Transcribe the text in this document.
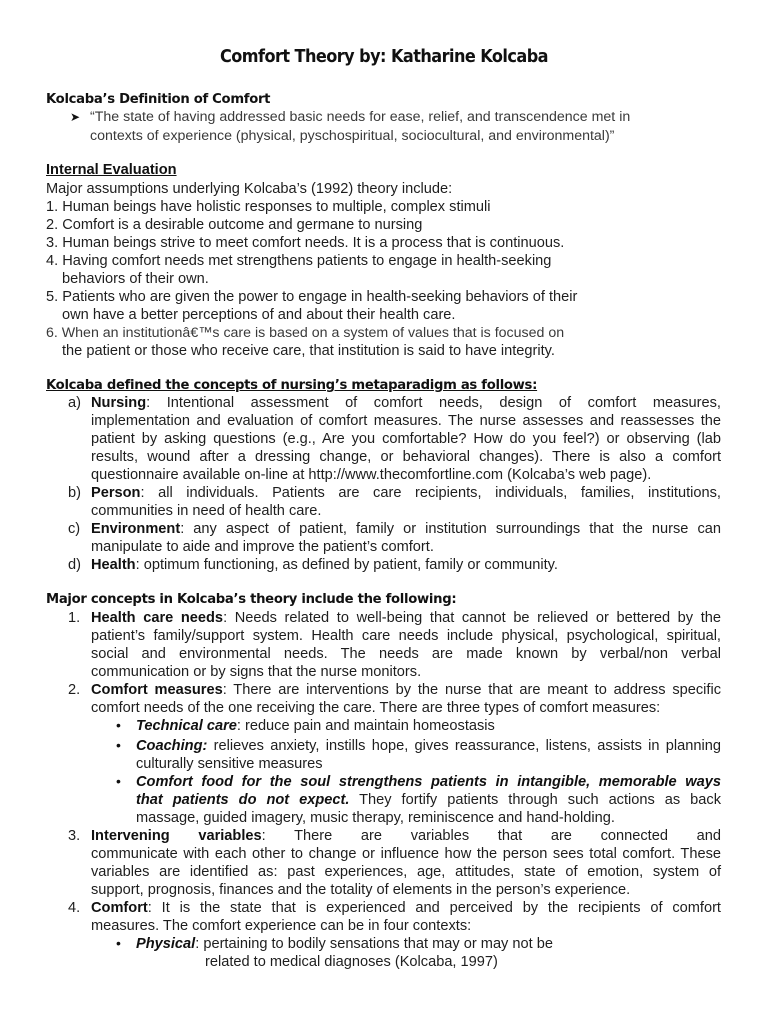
Comfort Theory by: Katharine Kolcaba
Kolcaba’s Definition of Comfort
➤ “The state of having addressed basic needs for ease, relief, and transcendence met in
contexts of experience (physical, pyschospiritual, sociocultural, and environmental)”
Internal Evaluation
Major assumptions underlying Kolcaba’s (1992) theory include:
1. Human beings have holistic responses to multiple, complex stimuli
2. Comfort is a desirable outcome and germane to nursing
3. Human beings strive to meet comfort needs. It is a process that is continuous.
4. Having comfort needs met strengthens patients to engage in health-seeking
behaviors of their own.
5. Patients who are given the power to engage in health-seeking behaviors of their
own have a better perceptions of and about their health care.
6. When an institutionâ€™s care is based on a system of values that is focused on
the patient or those who receive care, that institution is said to have integrity.
Kolcaba defined the concepts of nursing’s metaparadigm as follows:
a) Nursing: Intentional assessment of comfort needs, design of comfort measures,
implementation and evaluation of comfort measures. The nurse assesses and reassesses the
patient by asking questions (e.g., Are you comfortable? How do you feel?) or observing (lab
results, wound after a dressing change, or behavioral changes). There is also a comfort
questionnaire available on-line at http://www.thecomfortline.com (Kolcaba’s web page).
b) Person: all individuals. Patients are care recipients, individuals, families, institutions,
communities in need of health care.
c) Environment: any aspect of patient, family or institution surroundings that the nurse can
manipulate to aide and improve the patient’s comfort.
d) Health: optimum functioning, as defined by patient, family or community.
Major concepts in Kolcaba’s theory include the following:
1. Health care needs: Needs related to well-being that cannot be relieved or bettered by the
patient’s family/support system. Health care needs include physical, psychological, spiritual,
social and environmental needs. The needs are made known by verbal/non verbal
communication or by signs that the nurse monitors.
2. Comfort measures: There are interventions by the nurse that are meant to address specific
comfort needs of the one receiving the care. There are three types of comfort measures:
• Technical care: reduce pain and maintain homeostasis
• Coaching: relieves anxiety, instills hope, gives reassurance, listens, assists in planning
culturally sensitive measures
• Comfort food for the soul strengthens patients in intangible, memorable ways
that patients do not expect. They fortify patients through such actions as back
massage, guided imagery, music therapy, reminiscence and hand-holding.
3. Intervening variables: There are variables that are connected and
communicate with each other to change or influence how the person sees total comfort. These
variables are identified as: past experiences, age, attitudes, state of emotion, system of
support, prognosis, finances and the totality of elements in the person’s experience.
4. Comfort: It is the state that is experienced and perceived by the recipients of comfort
measures. The comfort experience can be in four contexts:
• Physical: pertaining to bodily sensations that may or may not be
related to medical diagnoses (Kolcaba, 1997)
